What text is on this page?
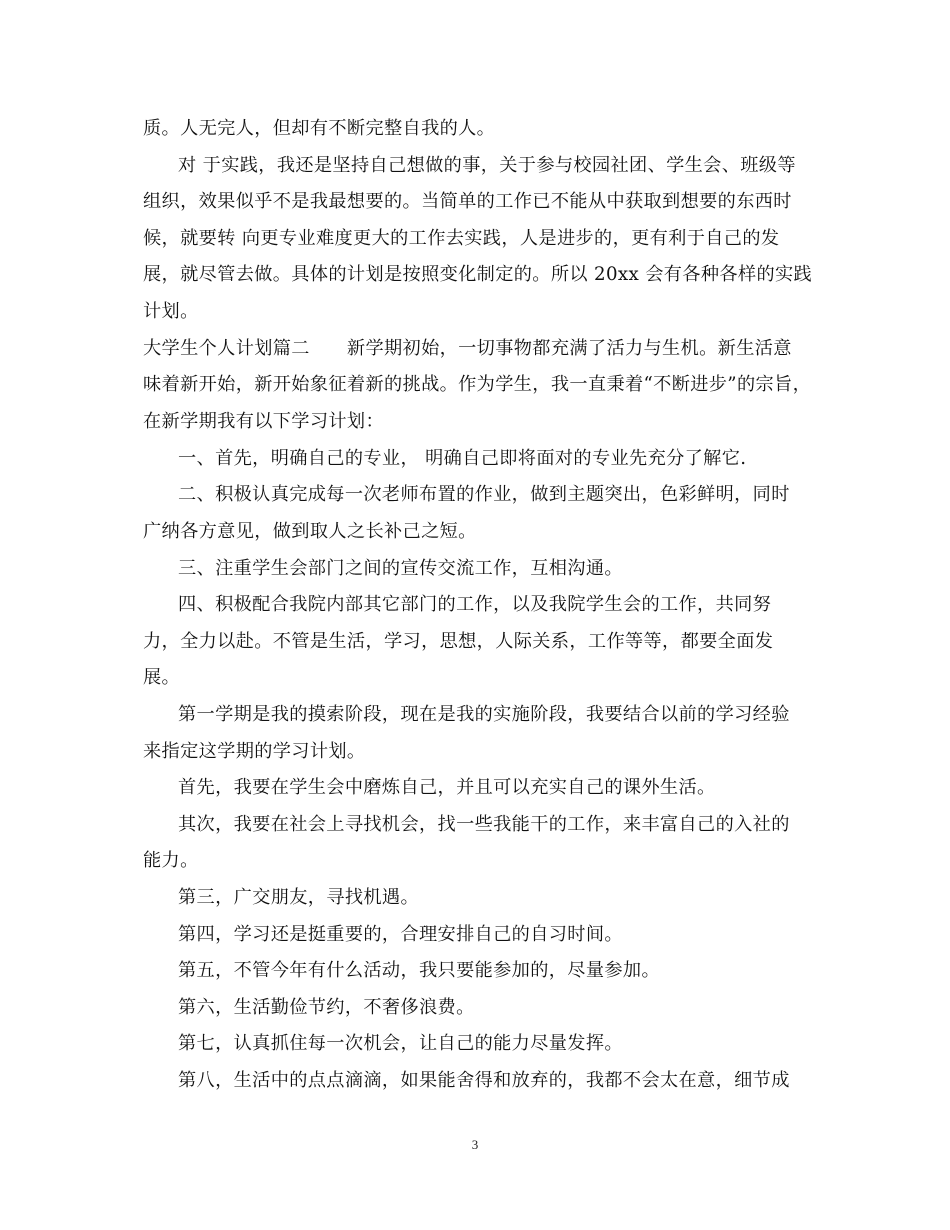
质。人无完人，但却有不断完整自我的人。
对 于实践，我还是坚持自己想做的事，关于参与校园社团、学生会、班级等
组织，效果似乎不是我最想要的。当简单的工作已不能从中获取到想要的东西时
候，就要转 向更专业难度更大的工作去实践，人是进步的，更有利于自己的发
展，就尽管去做。具体的计划是按照变化制定的。所以 20xx 会有各种各样的实践
计划。
大学生个人计划篇二　　新学期初始，一切事物都充满了活力与生机。新生活意
味着新开始，新开始象征着新的挑战。作为学生，我一直秉着“不断进步”的宗旨，
在新学期我有以下学习计划：
一、首先，明确自己的专业， 明确自己即将面对的专业先充分了解它.
二、积极认真完成每一次老师布置的作业，做到主题突出，色彩鲜明，同时
广纳各方意见，做到取人之长补己之短。
三、注重学生会部门之间的宣传交流工作，互相沟通。
四、积极配合我院内部其它部门的工作，以及我院学生会的工作，共同努
力，全力以赴。不管是生活，学习，思想，人际关系，工作等等，都要全面发
展。
第一学期是我的摸索阶段，现在是我的实施阶段，我要结合以前的学习经验
来指定这学期的学习计划。
首先，我要在学生会中磨炼自己，并且可以充实自己的课外生活。
其次，我要在社会上寻找机会，找一些我能干的工作，来丰富自己的入社的
能力。
第三，广交朋友，寻找机遇。
第四，学习还是挺重要的，合理安排自己的自习时间。
第五，不管今年有什么活动，我只要能参加的，尽量参加。
第六，生活勤俭节约，不奢侈浪费。
第七，认真抓住每一次机会，让自己的能力尽量发挥。
第八，生活中的点点滴滴，如果能舍得和放弃的，我都不会太在意，细节成
3
